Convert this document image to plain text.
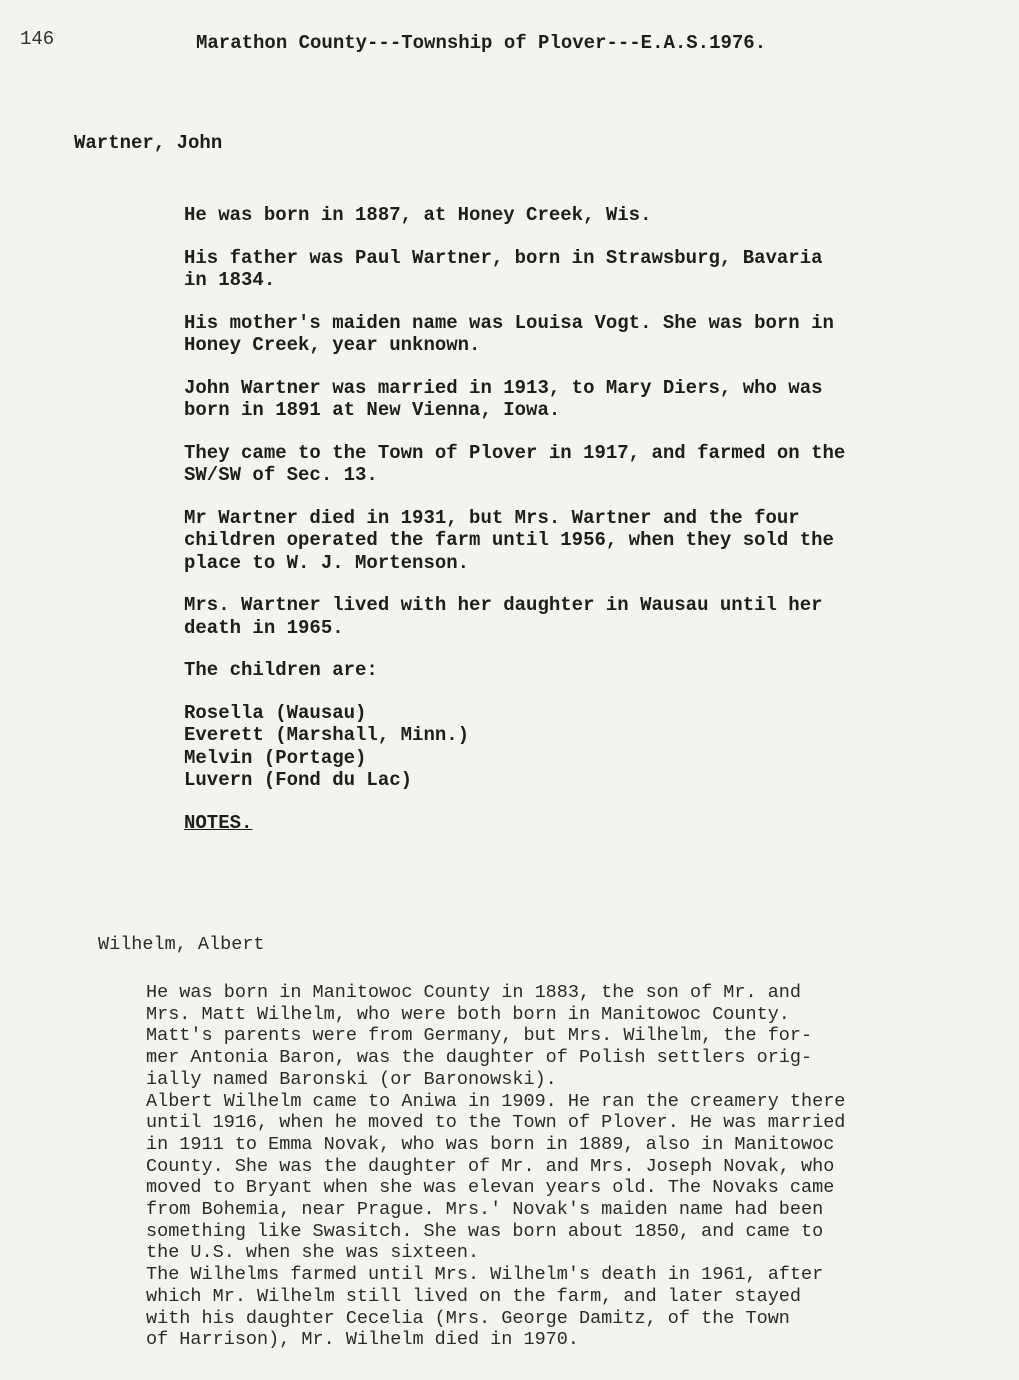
146	Marathon County---Township of Plover---E.A.S.1976.
Wartner, John

He was born in 1887, at Honey Creek, Wis.

His father was Paul Wartner, born in Strawsburg, Bavaria
in 1834.

His mother's maiden name was Louisa Vogt. She was born in
Honey Creek, year unknown.

John Wartner was married in 1913, to Mary Diers, who was
born in 1891 at New Vienna, Iowa.

They came to the Town of Plover in 1917, and farmed on the
SW/SW of Sec. 13.

Mr Wartner died in 1931, but Mrs. Wartner and the four
children operated the farm until 1956, when they sold the
place to W. J. Mortenson.

Mrs. Wartner lived with her daughter in Wausau until her
death in 1965.

The children are:

Rosella (Wausau)
Everett (Marshall, Minn.)
Melvin (Portage)
Luvern (Fond du Lac)

NOTES.

Wilhelm, Albert
He was born in Manitowoc County in 1883, the son of Mr. and
Mrs. Matt Wilhelm, who were both born in Manitowoc County.
Matt's parents were from Germany, but Mrs. Wilhelm, the for-
mer Antonia Baron, was the daughter of Polish settlers orig-
ially named Baronski (or Baronowski).
Albert Wilhelm came to Aniwa in 1909. He ran the creamery there
until 1916, when he moved to the Town of Plover. He was married
in 1911 to Emma Novak, who was born in 1889, also in Manitowoc
County. She was the daughter of Mr. and Mrs. Joseph Novak, who
moved to Bryant when she was elevan years old. The Novaks came
from Bohemia, near Prague. Mrs.' Novak's maiden name had been
something like Swasitch. She was born about 1850, and came to
the U.S. when she was sixteen.
The Wilhelms farmed until Mrs. Wilhelm's death in 1961, after
which Mr. Wilhelm still lived on the farm, and later stayed
with his daughter Cecelia (Mrs. George Damitz, of the Town
of Harrison), Mr. Wilhelm died in 1970.
